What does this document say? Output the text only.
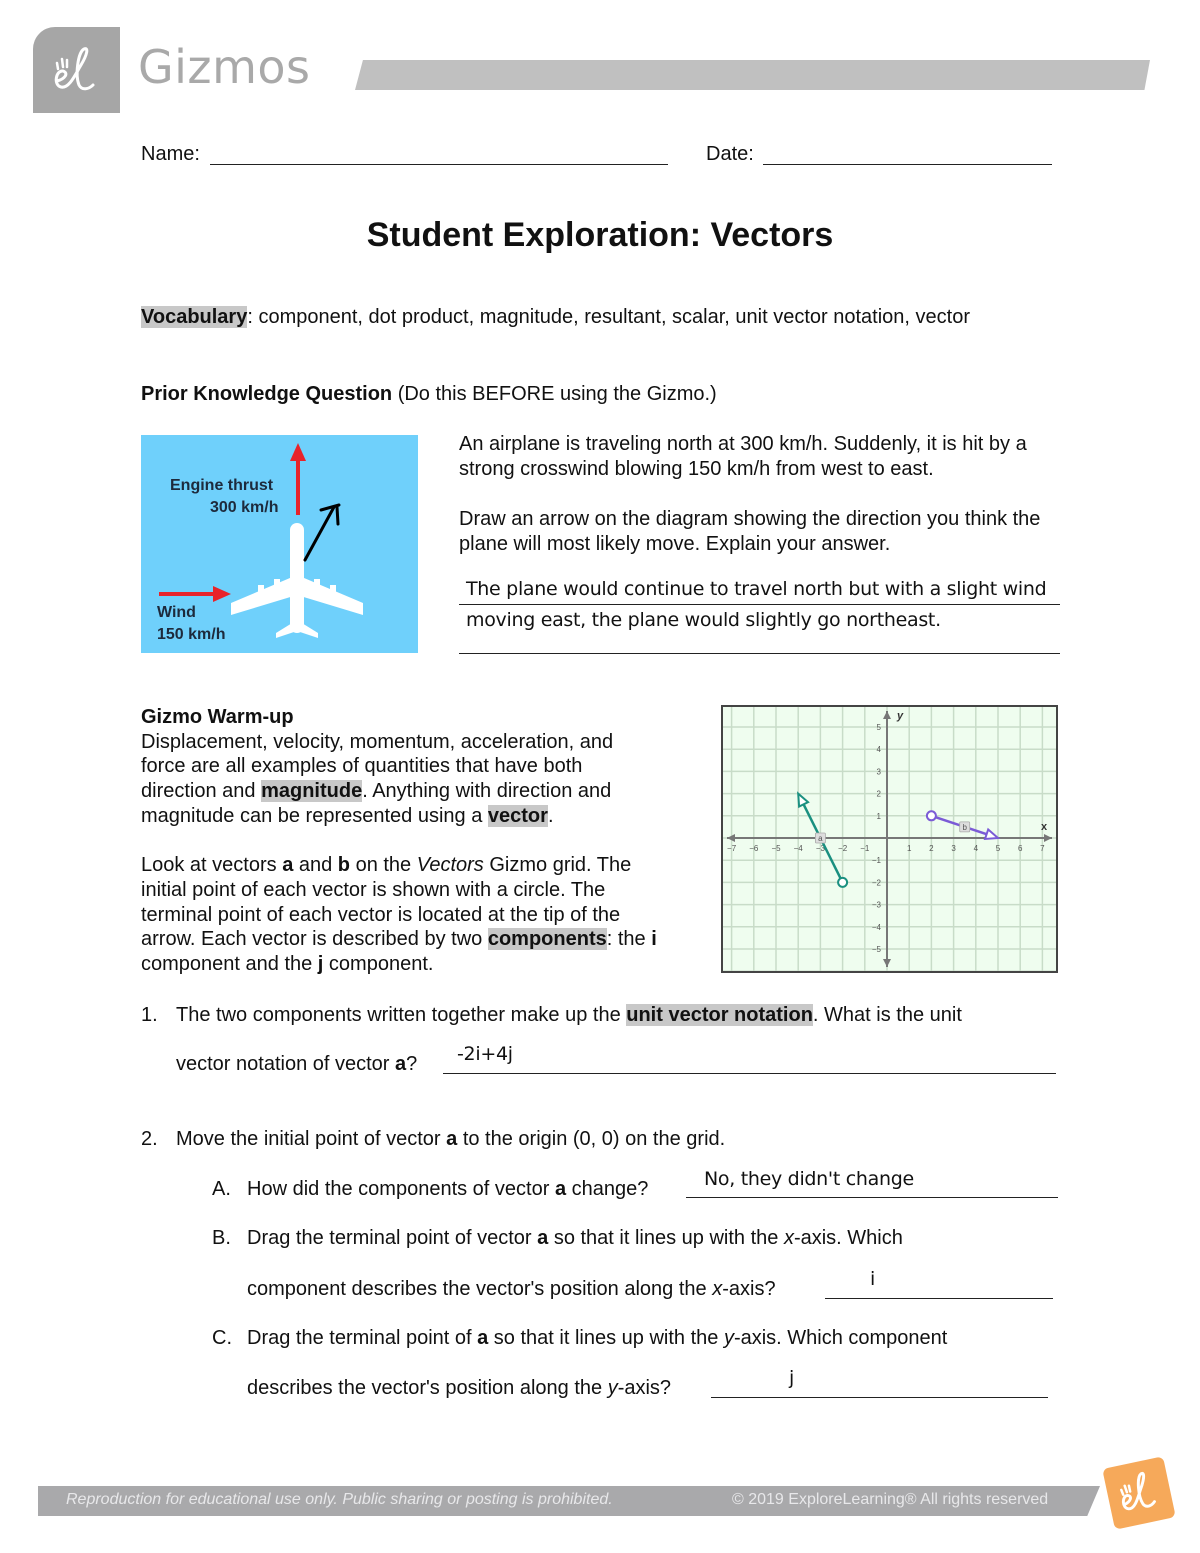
Gizmos
Name:	Date:
Student Exploration: Vectors
Vocabulary: component, dot product, magnitude, resultant, scalar, unit vector notation, vector
Prior Knowledge Question (Do this BEFORE using the Gizmo.)
Engine thrust
300 km/h
Wind
150 km/h
An airplane is traveling north at 300 km/h. Suddenly, it is hit by a strong crosswind blowing 150 km/h from west to east.
Draw an arrow on the diagram showing the direction you think the plane will most likely move. Explain your answer.
The plane would continue to travel north but with a slight wind
moving east, the plane would slightly go northeast.
Gizmo Warm-up
Displacement, velocity, momentum, acceleration, and force are all examples of quantities that have both direction and magnitude. Anything with direction and magnitude can be represented using a vector.
Look at vectors a and b on the Vectors Gizmo grid. The initial point of each vector is shown with a circle. The terminal point of each vector is located at the tip of the arrow. Each vector is described by two components: the i component and the j component.
y
x
−7 −6 −5 −4 −3 −2 −1	1 2 3 4 5 6 7
5
4
3
2
1
−1
−2
−3
−4
−5
a
b
1. The two components written together make up the unit vector notation. What is the unit
vector notation of vector a? -2i+4j
2. Move the initial point of vector a to the origin (0, 0) on the grid.
A. How did the components of vector a change?	No, they didn't change
B. Drag the terminal point of vector a so that it lines up with the x-axis. Which
component describes the vector's position along the x-axis?	i
C. Drag the terminal point of a so that it lines up with the y-axis. Which component
describes the vector's position along the y-axis?	j
Reproduction for educational use only. Public sharing or posting is prohibited.	© 2019 ExploreLearning® All rights reserved
